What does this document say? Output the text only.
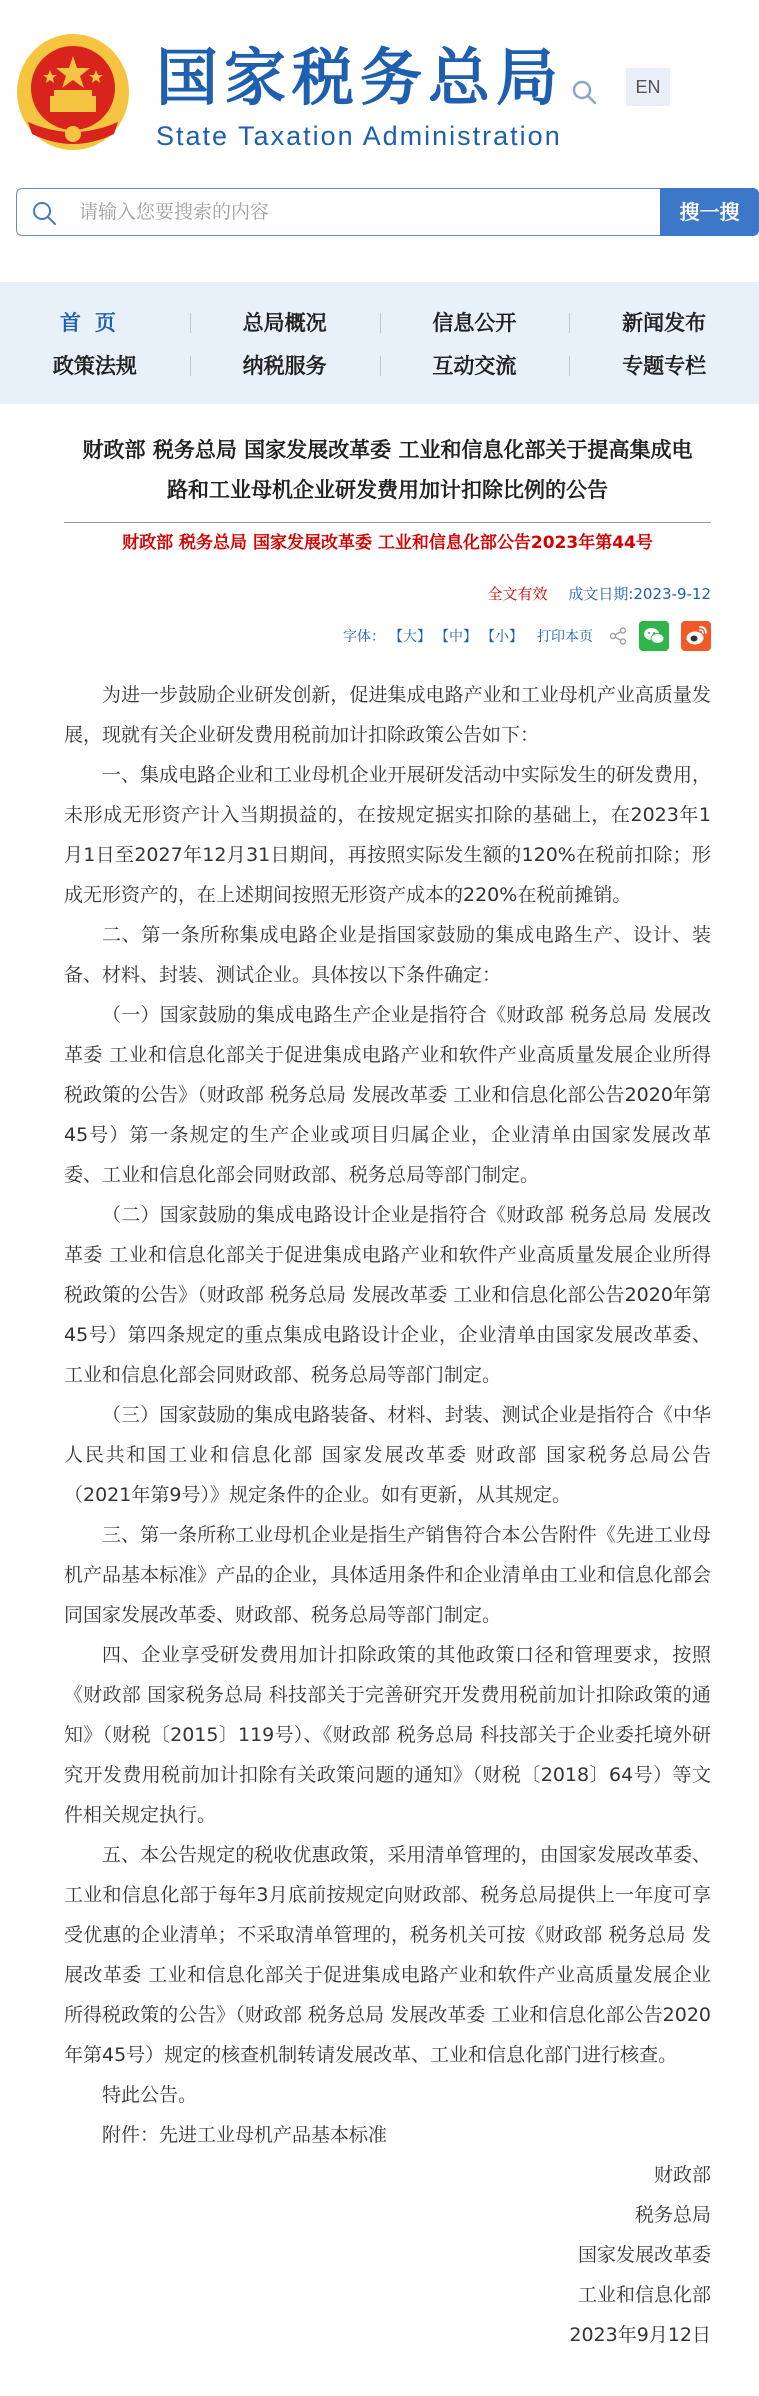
国家税务总局
State Taxation Administration
EN
请输入您要搜索的内容
搜一搜
首页	总局概况	信息公开	新闻发布
政策法规	纳税服务	互动交流	专题专栏
财政部 税务总局 国家发展改革委 工业和信息化部关于提高集成电路和工业母机企业研发费用加计扣除比例的公告
财政部 税务总局 国家发展改革委 工业和信息化部公告2023年第44号
全文有效 成文日期:2023-9-12
字体： 【大】 【中】 【小】 打印本页

为进一步鼓励企业研发创新，促进集成电路产业和工业母机产业高质量发展，现就有关企业研发费用税前加计扣除政策公告如下：

一、集成电路企业和工业母机企业开展研发活动中实际发生的研发费用，未形成无形资产计入当期损益的，在按规定据实扣除的基础上，在2023年1月1日至2027年12月31日期间，再按照实际发生额的120%在税前扣除；形成无形资产的，在上述期间按照无形资产成本的220%在税前摊销。

二、第一条所称集成电路企业是指国家鼓励的集成电路生产、设计、装备、材料、封装、测试企业。具体按以下条件确定：

（一）国家鼓励的集成电路生产企业是指符合《财政部 税务总局 发展改革委 工业和信息化部关于促进集成电路产业和软件产业高质量发展企业所得税政策的公告》（财政部 税务总局 发展改革委 工业和信息化部公告2020年第45号）第一条规定的生产企业或项目归属企业，企业清单由国家发展改革委、工业和信息化部会同财政部、税务总局等部门制定。

（二）国家鼓励的集成电路设计企业是指符合《财政部 税务总局 发展改革委 工业和信息化部关于促进集成电路产业和软件产业高质量发展企业所得税政策的公告》（财政部 税务总局 发展改革委 工业和信息化部公告2020年第45号）第四条规定的重点集成电路设计企业，企业清单由国家发展改革委、工业和信息化部会同财政部、税务总局等部门制定。

（三）国家鼓励的集成电路装备、材料、封装、测试企业是指符合《中华人民共和国工业和信息化部 国家发展改革委 财政部 国家税务总局公告（2021年第9号）》规定条件的企业。如有更新，从其规定。

三、第一条所称工业母机企业是指生产销售符合本公告附件《先进工业母机产品基本标准》产品的企业，具体适用条件和企业清单由工业和信息化部会同国家发展改革委、财政部、税务总局等部门制定。

四、企业享受研发费用加计扣除政策的其他政策口径和管理要求，按照《财政部 国家税务总局 科技部关于完善研究开发费用税前加计扣除政策的通知》（财税〔2015〕119号）、《财政部 税务总局 科技部关于企业委托境外研究开发费用税前加计扣除有关政策问题的通知》（财税〔2018〕64号）等文件相关规定执行。

五、本公告规定的税收优惠政策，采用清单管理的，由国家发展改革委、工业和信息化部于每年3月底前按规定向财政部、税务总局提供上一年度可享受优惠的企业清单；不采取清单管理的，税务机关可按《财政部 税务总局 发展改革委 工业和信息化部关于促进集成电路产业和软件产业高质量发展企业所得税政策的公告》（财政部 税务总局 发展改革委 工业和信息化部公告2020年第45号）规定的核查机制转请发展改革、工业和信息化部门进行核查。

特此公告。

附件：先进工业母机产品基本标准

财政部
税务总局
国家发展改革委
工业和信息化部
2023年9月12日
